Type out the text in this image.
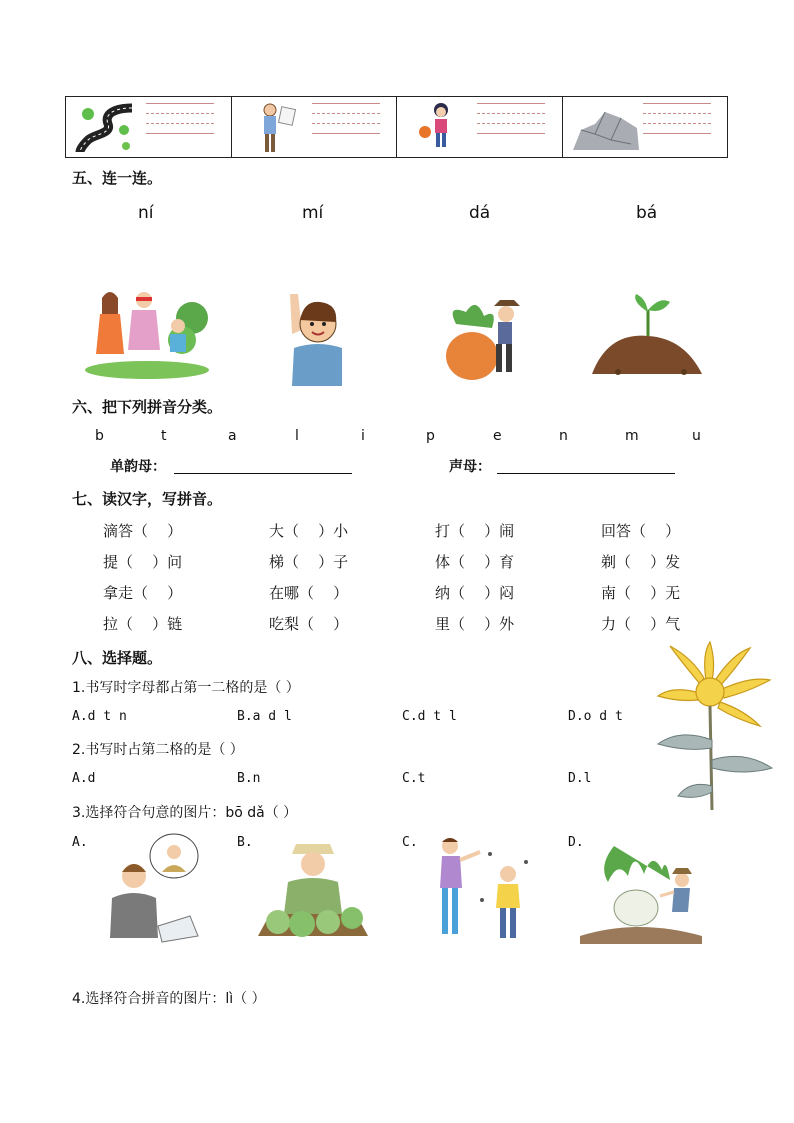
五、连一连。
ní	mí	dá	bá
六、把下列拼音分类。
b	t	a	l	i	p	e	n	m	u
单韵母：	声母：
七、读汉字，写拼音。
滴答（    ）	大（    ）小	打（    ）闹	回答（    ）
提（    ）问	梯（    ）子	体（    ）育	剃（    ）发
拿走（    ）	在哪（    ）	纳（    ）闷	南（    ）无
拉（    ）链	吃梨（    ）	里（    ）外	力（    ）气
八、选择题。
1.书写时字母都占第一二格的是（ ）
A.d t n	B.a d l	C.d t l	D.o d t
2.书写时占第二格的是（ ）
A.d	B.n	C.t	D.l
3.选择符合句意的图片：bō dǎ（ ）
A.	B.	C.	D.
4.选择符合拼音的图片：lì（ ）
